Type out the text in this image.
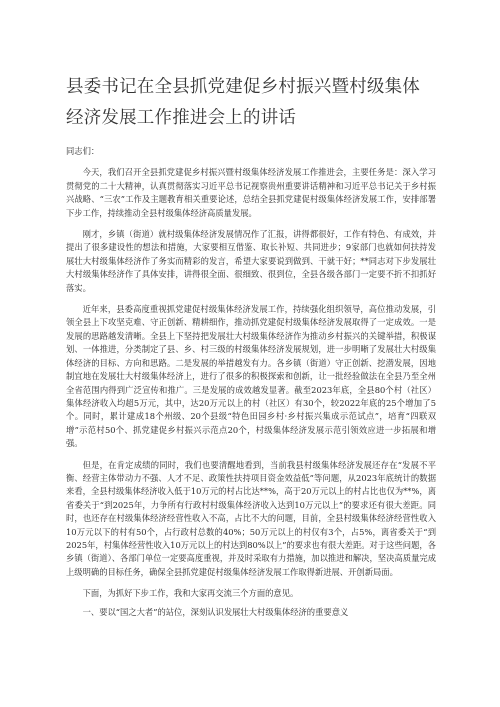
县委书记在全县抓党建促乡村振兴暨村级集体经济发展工作推进会上的讲话

同志们：

今天，我们召开全县抓党建促乡村振兴暨村级集体经济发展工作推进会，主要任务是：深入学习贯彻党的二十大精神，认真贯彻落实习近平总书记视察贵州重要讲话精神和习近平总书记关于乡村振兴战略、“三农”工作及主题教育相关重要论述，总结全县抓党建促村级集体经济发展工作，安排部署下步工作，持续推动全县村级集体经济高质量发展。

刚才，乡镇（街道）就村级集体经济发展情况作了汇报，讲得都很好，工作有特色、有成效，并提出了很多建设性的想法和措施，大家要相互借鉴、取长补短、共同进步；9家部门也就如何扶持发展壮大村级集体经济作了务实而精彩的发言，希望大家要说到做到、干就干好；**同志对下步发展壮大村级集体经济作了具体安排，讲得很全面、很细致、很到位，全县各级各部门一定要不折不扣抓好落实。

近年来，县委高度重视抓党建促村级集体经济发展工作，持续强化组织领导，高位推动发展，引领全县上下攻坚克难、守正创新、精耕细作，推动抓党建促村级集体经济发展取得了一定成效。一是发展的思路越发清晰。全县上下坚持把发展壮大村级集体经济作为推动乡村振兴的关键举措，积极谋划、一体推进，分类制定了县、乡、村三级的村级集体经济发展规划，进一步明晰了发展壮大村级集体经济的目标、方向和思路。二是发展的举措越发有力。各乡镇（街道）守正创新、挖潜发展，因地制宜地在发展壮大村级集体经济上，进行了很多的积极探索和创新，让一批经验做法在全县乃至全州全省范围内得到广泛宣传和推广。三是发展的成效越发显著。截至2023年底，全县80个村（社区）集体经济收入均超5万元，其中，达20万元以上的村（社区）有30个，较2022年底的25个增加了5个。同时，累计建成18个州级、20个县级“特色田园乡村·乡村振兴集成示范试点”，培育“四联双增”示范村50个、抓党建促乡村振兴示范点20个，村级集体经济发展示范引领效应进一步拓展和增强。

但是，在肯定成绩的同时，我们也要清醒地看到，当前我县村级集体经济发展还存在“发展不平衡、经营主体带动力不强、人才不足、政策性扶持项目资金效益低”等问题，从2023年底统计的数据来看，全县村级集体经济收入低于10万元的村占比达**%，高于20万元以上的村占比也仅为**%，离省委关于“到2025年，力争所有行政村村级集体经济收入达到10万元以上”的要求还有很大差距。同时，也还存在村级集体经济经营性收入不高，占比不大的问题，目前，全县村级集体经济经营性收入10万元以下的村有50个，占行政村总数的40%；50万元以上的村仅有3个，占5%，离省委关于“到2025年，村集体经营性收入10万元以上的村达到80%以上”的要求也有很大差距。对于这些问题，各乡镇（街道）、各部门单位一定要高度重视，并及时采取有力措施，加以推进和解决，坚决高质量完成上级明确的目标任务，确保全县抓党建促村级集体经济发展工作取得新进展、开创新局面。

下面，为抓好下步工作，我和大家再交流三个方面的意见。

一、要以“国之大者”的站位，深刻认识发展壮大村级集体经济的重要意义
